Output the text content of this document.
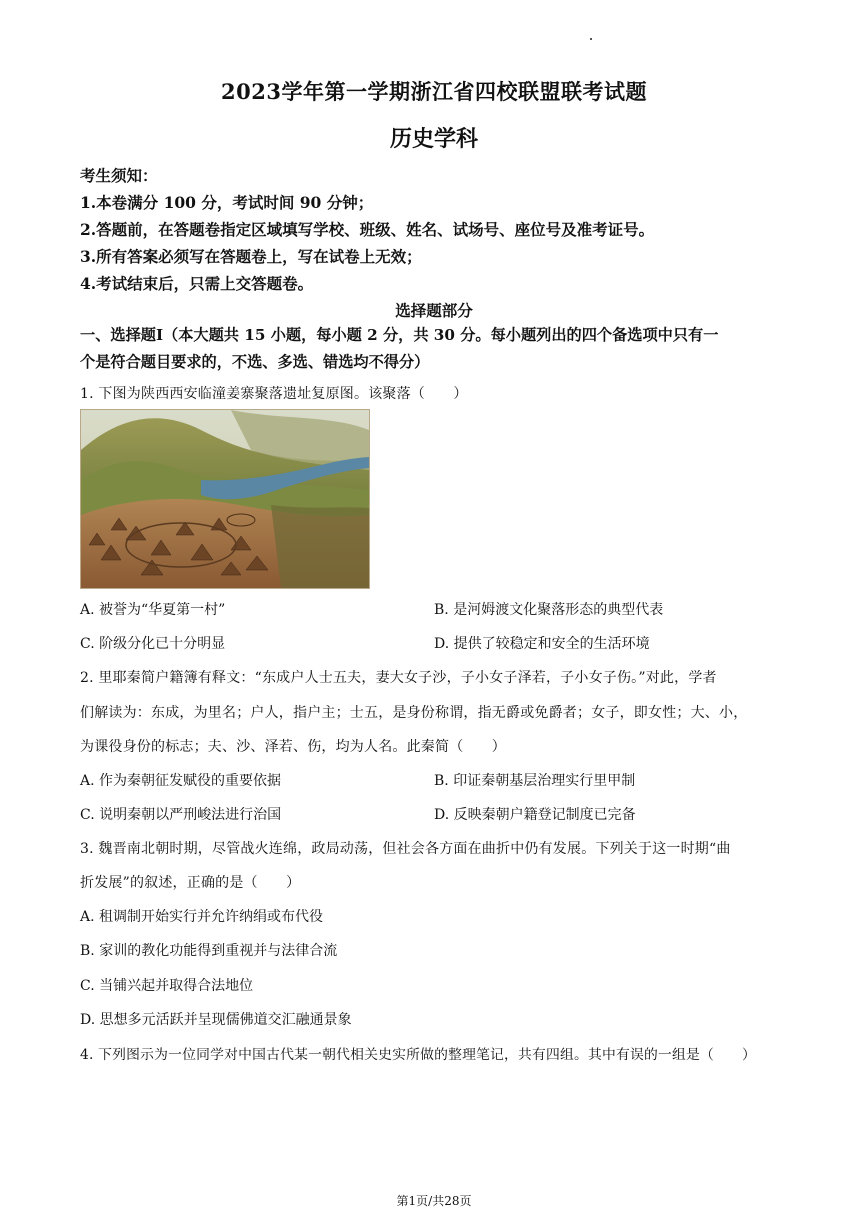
2023学年第一学期浙江省四校联盟联考试题
历史学科
考生须知：
1.本卷满分 100 分，考试时间 90 分钟；
2.答题前，在答题卷指定区域填写学校、班级、姓名、试场号、座位号及准考证号。
3.所有答案必须写在答题卷上，写在试卷上无效；
4.考试结束后，只需上交答题卷。
选择题部分
一、选择题Ⅰ（本大题共 15 小题，每小题 2 分，共 30 分。每小题列出的四个备选项中只有一
个是符合题目要求的，不选、多选、错选均不得分）
1. 下图为陕西西安临潼姜寨聚落遗址复原图。该聚落（　　）
A. 被誉为“华夏第一村”	B. 是河姆渡文化聚落形态的典型代表
C. 阶级分化已十分明显	D. 提供了较稳定和安全的生活环境
2. 里耶秦简户籍簿有释文：“东成户人士五夫，妻大女子沙，子小女子泽若，子小女子伤。”对此，学者
们解读为：东成，为里名；户人，指户主；士五，是身份称谓，指无爵或免爵者；女子，即女性；大、小，
为课役身份的标志；夫、沙、泽若、伤，均为人名。此秦简（　　）
A. 作为秦朝征发赋役的重要依据	B. 印证秦朝基层治理实行里甲制
C. 说明秦朝以严刑峻法进行治国	D. 反映秦朝户籍登记制度已完备
3. 魏晋南北朝时期，尽管战火连绵，政局动荡，但社会各方面在曲折中仍有发展。下列关于这一时期“曲
折发展”的叙述，正确的是（　　）
A. 租调制开始实行并允许纳绢或布代役
B. 家训的教化功能得到重视并与法律合流
C. 当铺兴起并取得合法地位
D. 思想多元活跃并呈现儒佛道交汇融通景象
4. 下列图示为一位同学对中国古代某一朝代相关史实所做的整理笔记，共有四组。其中有误的一组是（　　）
第1页/共28页
